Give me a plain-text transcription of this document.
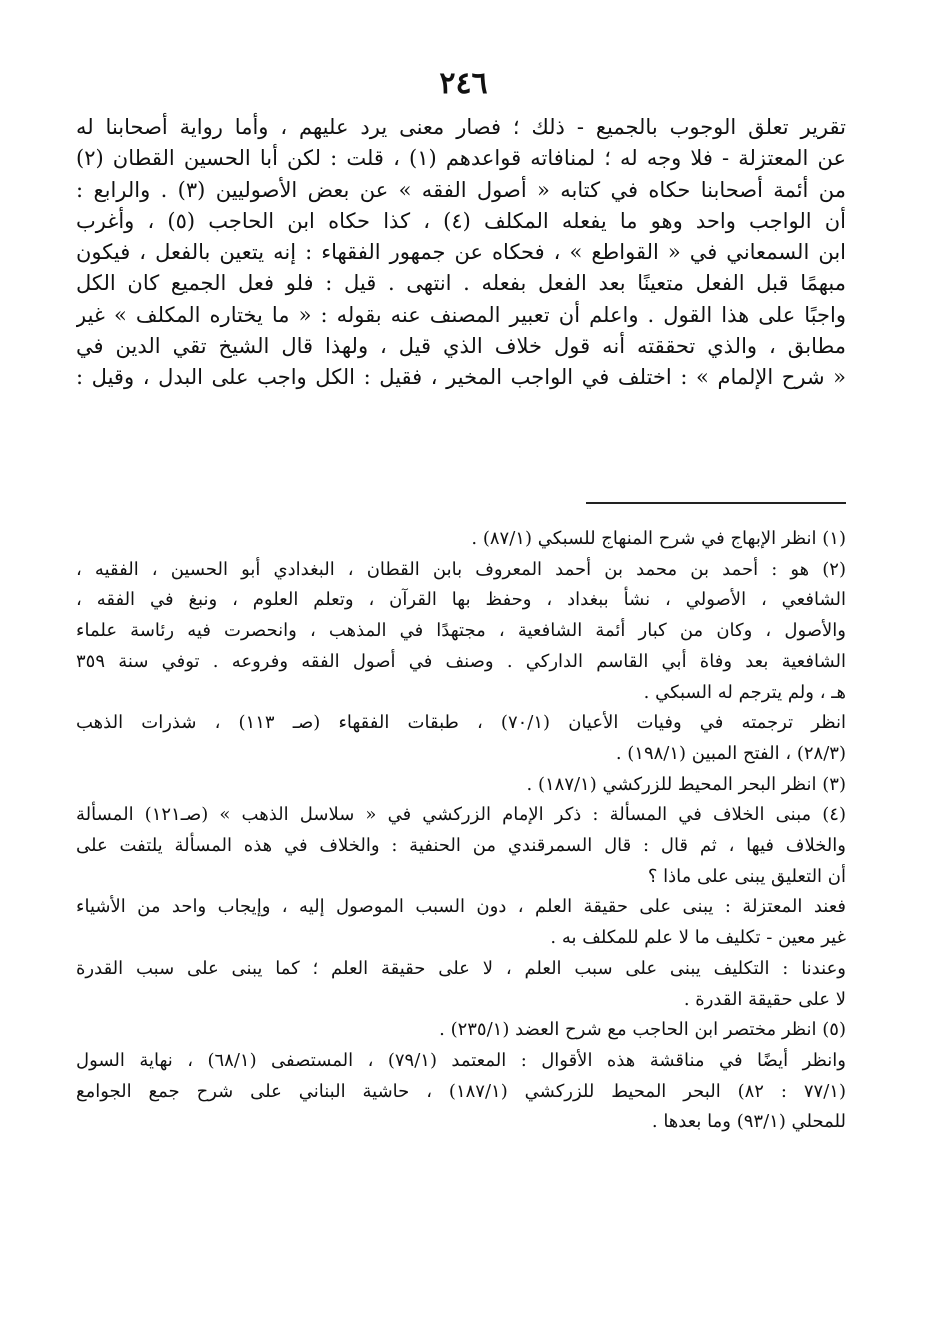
٢٤٦
تقرير تعلق الوجوب بالجميع - ذلك ؛ فصار معنى يرد عليهم ، وأما رواية أصحابنا له
عن المعتزلة - فلا وجه له ؛ لمنافاته قواعدهم (١) ، قلت : لكن أبا الحسين القطان (٢)
من أئمة أصحابنا حكاه في كتابه « أصول الفقه » عن بعض الأصوليين (٣) . والرابع :
أن الواجب واحد وهو ما يفعله المكلف (٤) ، كذا حكاه ابن الحاجب (٥) ، وأغرب
ابن السمعاني في « القواطع » ، فحكاه عن جمهور الفقهاء : إنه يتعين بالفعل ، فيكون
مبهمًا قبل الفعل متعينًا بعد الفعل بفعله . انتهى . قيل : فلو فعل الجميع كان الكل
واجبًا على هذا القول . واعلم أن تعبير المصنف عنه بقوله : « ما يختاره المكلف » غير
مطابق ، والذي تحققته أنه قول خلاف الذي قيل ، ولهذا قال الشيخ تقي الدين في
« شرح الإلمام » : اختلف في الواجب المخير ، فقيل : الكل واجب على البدل ، وقيل :
(١) انظر الإبهاج في شرح المنهاج للسبكي (٨٧/١) .
(٢) هو : أحمد بن محمد بن أحمد المعروف بابن القطان ، البغدادي أبو الحسين ، الفقيه ،
الشافعي ، الأصولي ، نشأ ببغداد ، وحفظ بها القرآن ، وتعلم العلوم ، ونبغ في الفقه ،
والأصول ، وكان من كبار أئمة الشافعية ، مجتهدًا في المذهب ، وانحصرت فيه رئاسة علماء
الشافعية بعد وفاة أبي القاسم الداركي . وصنف في أصول الفقه وفروعه . توفي سنة ٣٥٩
هـ ، ولم يترجم له السبكي .
انظر ترجمته في وفيات الأعيان (٧٠/١) ، طبقات الفقهاء (صـ ١١٣) ، شذرات الذهب
(٢٨/٣) ، الفتح المبين (١٩٨/١) .
(٣) انظر البحر المحيط للزركشي (١٨٧/١) .
(٤) مبنى الخلاف في المسألة : ذكر الإمام الزركشي في « سلاسل الذهب » (صـ١٢١) المسألة
والخلاف فيها ، ثم قال : قال السمرقندي من الحنفية : والخلاف في هذه المسألة يلتفت على
أن التعليق يبنى على ماذا ؟
فعند المعتزلة : يبنى على حقيقة العلم ، دون السبب الموصول إليه ، وإيجاب واحد من الأشياء
غير معين - تكليف ما لا علم للمكلف به .
وعندنا : التكليف يبنى على سبب العلم ، لا على حقيقة العلم ؛ كما يبنى على سبب القدرة
لا على حقيقة القدرة .
(٥) انظر مختصر ابن الحاجب مع شرح العضد (٢٣٥/١) .
وانظر أيضًا في مناقشة هذه الأقوال : المعتمد (٧٩/١) ، المستصفى (٦٨/١) ، نهاية السول
(٧٧/١ : ٨٢) البحر المحيط للزركشي (١٨٧/١) ، حاشية البناني على شرح جمع الجوامع
للمحلي (٩٣/١) وما بعدها .
